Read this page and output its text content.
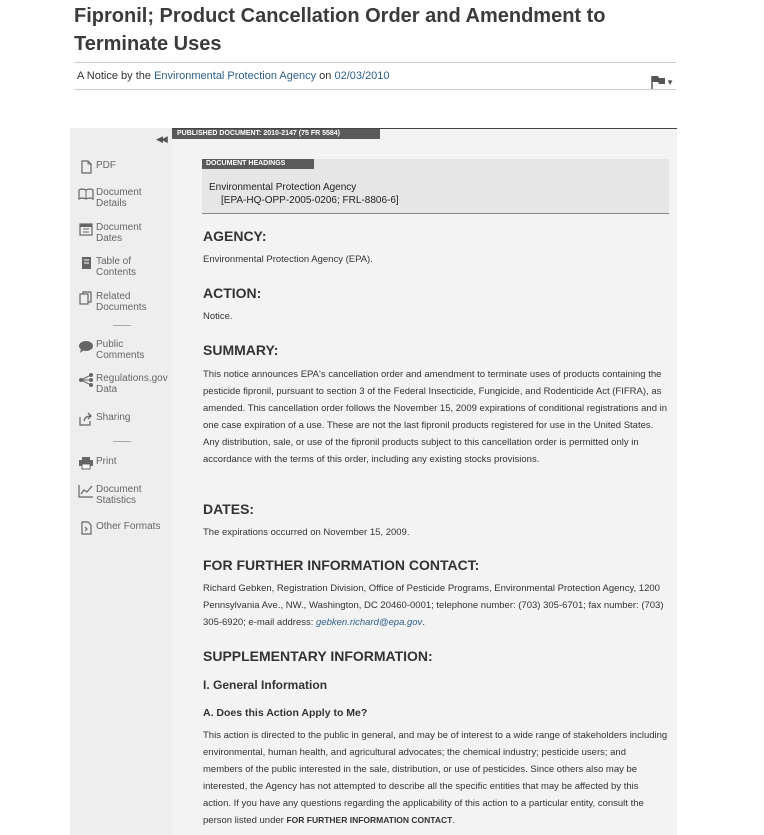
Fipronil; Product Cancellation Order and Amendment to Terminate Uses
A Notice by the Environmental Protection Agency on 02/03/2010
▼
◀◀
PDF
Document Details
Document Dates
Table of Contents
Related Documents
Public Comments
Regulations.gov Data
Sharing
Print
Document Statistics
Other Formats
PUBLISHED DOCUMENT: 2010-2147 (75 FR 5584)
DOCUMENT HEADINGS
Environmental Protection Agency
[EPA-HQ-OPP-2005-0206; FRL-8806-6]
AGENCY:
Environmental Protection Agency (EPA).
ACTION:
Notice.
SUMMARY:
This notice announces EPA's cancellation order and amendment to terminate uses of products containing the pesticide fipronil, pursuant to section 3 of the Federal Insecticide, Fungicide, and Rodenticide Act (FIFRA), as amended. This cancellation order follows the November 15, 2009 expirations of conditional registrations and in one case expiration of a use. These are not the last fipronil products registered for use in the United States. Any distribution, sale, or use of the fipronil products subject to this cancellation order is permitted only in accordance with the terms of this order, including any existing stocks provisions.
DATES:
The expirations occurred on November 15, 2009.
FOR FURTHER INFORMATION CONTACT:
Richard Gebken, Registration Division, Office of Pesticide Programs, Environmental Protection Agency, 1200 Pennsylvania Ave., NW., Washington, DC 20460-0001; telephone number: (703) 305-6701; fax number: (703) 305-6920; e-mail address: gebken.richard@epa.gov.
SUPPLEMENTARY INFORMATION:
I. General Information
A. Does this Action Apply to Me?
This action is directed to the public in general, and may be of interest to a wide range of stakeholders including environmental, human health, and agricultural advocates; the chemical industry; pesticide users; and members of the public interested in the sale, distribution, or use of pesticides. Since others also may be interested, the Agency has not attempted to describe all the specific entities that may be affected by this action. If you have any questions regarding the applicability of this action to a particular entity, consult the person listed under FOR FURTHER INFORMATION CONTACT.
